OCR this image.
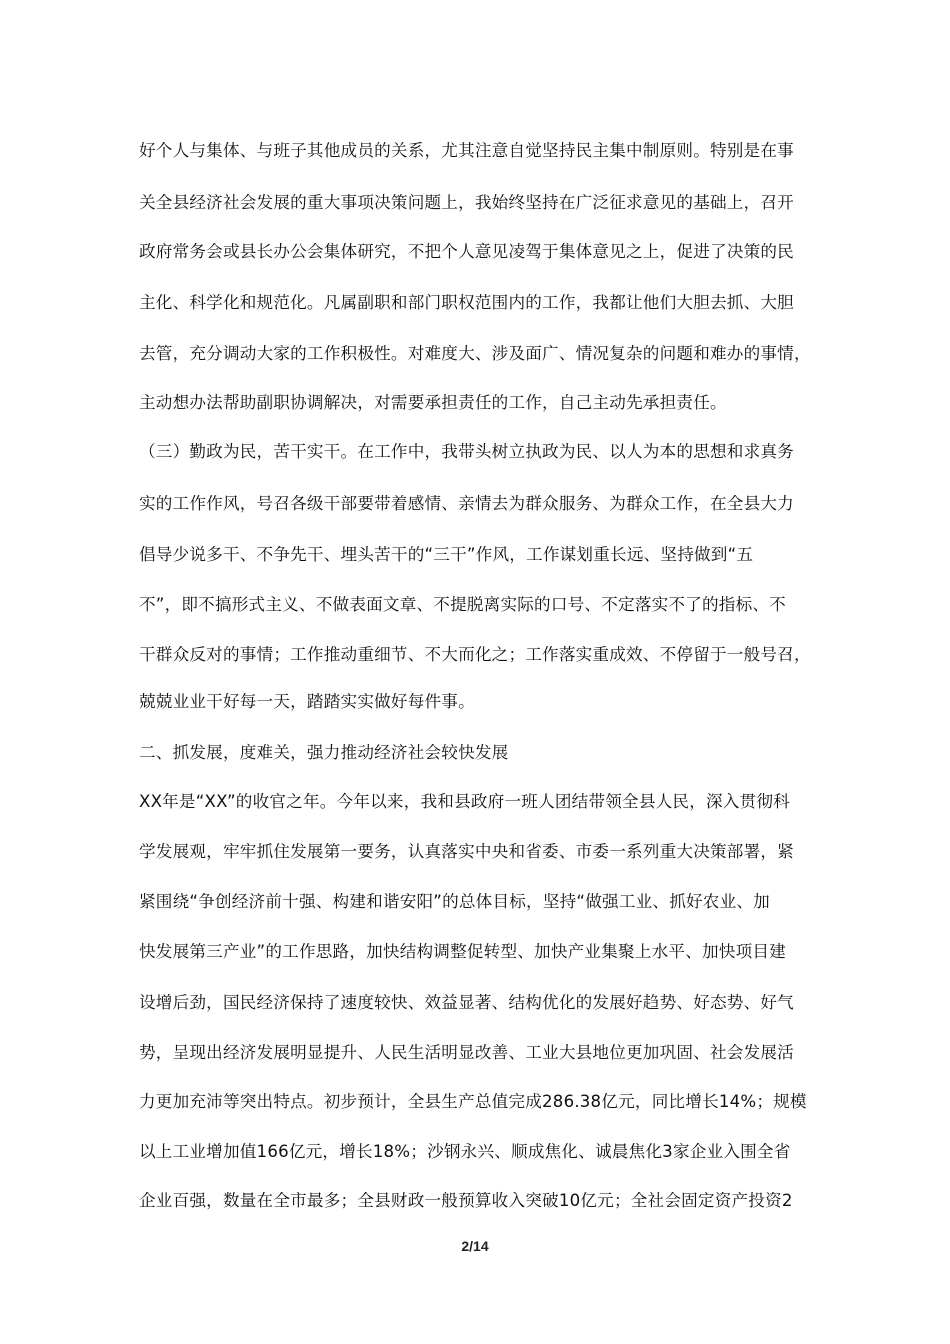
好个人与集体、与班子其他成员的关系，尤其注意自觉坚持民主集中制原则。特别是在事
关全县经济社会发展的重大事项决策问题上，我始终坚持在广泛征求意见的基础上，召开
政府常务会或县长办公会集体研究，不把个人意见凌驾于集体意见之上，促进了决策的民
主化、科学化和规范化。凡属副职和部门职权范围内的工作，我都让他们大胆去抓、大胆
去管，充分调动大家的工作积极性。对难度大、涉及面广、情况复杂的问题和难办的事情，
主动想办法帮助副职协调解决，对需要承担责任的工作，自己主动先承担责任。
（三）勤政为民，苦干实干。在工作中，我带头树立执政为民、以人为本的思想和求真务
实的工作作风，号召各级干部要带着感情、亲情去为群众服务、为群众工作，在全县大力
倡导少说多干、不争先干、埋头苦干的“三干”作风，工作谋划重长远、坚持做到“五
不”，即不搞形式主义、不做表面文章、不提脱离实际的口号、不定落实不了的指标、不
干群众反对的事情；工作推动重细节、不大而化之；工作落实重成效、不停留于一般号召，
兢兢业业干好每一天，踏踏实实做好每件事。
二、抓发展，度难关，强力推动经济社会较快发展
XX年是“XX”的收官之年。今年以来，我和县政府一班人团结带领全县人民，深入贯彻科
学发展观，牢牢抓住发展第一要务，认真落实中央和省委、市委一系列重大决策部署，紧
紧围绕“争创经济前十强、构建和谐安阳”的总体目标，坚持“做强工业、抓好农业、加
快发展第三产业”的工作思路，加快结构调整促转型、加快产业集聚上水平、加快项目建
设增后劲，国民经济保持了速度较快、效益显著、结构优化的发展好趋势、好态势、好气
势，呈现出经济发展明显提升、人民生活明显改善、工业大县地位更加巩固、社会发展活
力更加充沛等突出特点。初步预计，全县生产总值完成286.38亿元，同比增长14%；规模
以上工业增加值166亿元，增长18%；沙钢永兴、顺成焦化、诚晨焦化3家企业入围全省
企业百强，数量在全市最多；全县财政一般预算收入突破10亿元；全社会固定资产投资2
2/14
